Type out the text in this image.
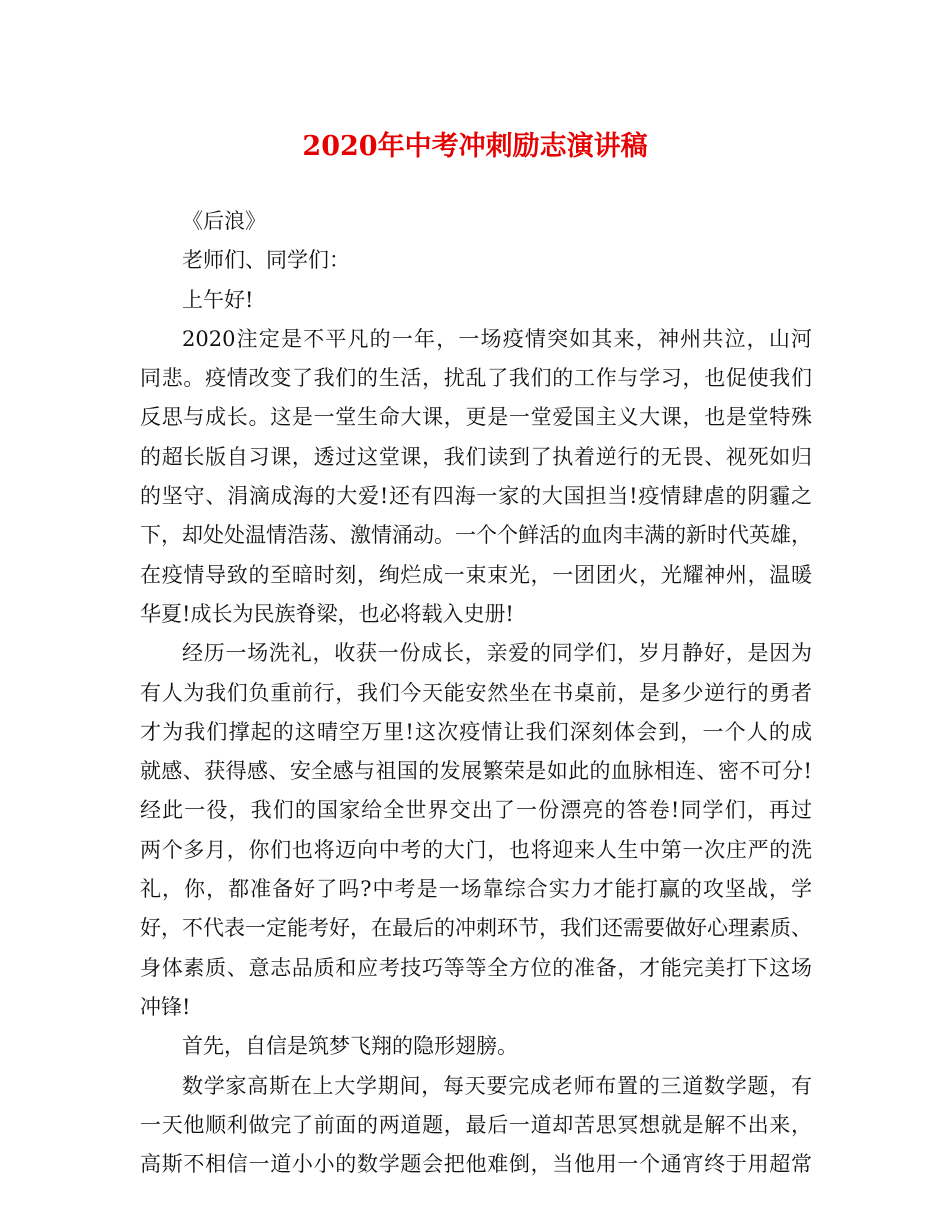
2020年中考冲刺励志演讲稿
《后浪》
老师们、同学们：
上午好!
2020注定是不平凡的一年，一场疫情突如其来，神州共泣，山河
同悲。疫情改变了我们的生活，扰乱了我们的工作与学习，也促使我们
反思与成长。这是一堂生命大课，更是一堂爱国主义大课，也是堂特殊
的超长版自习课，透过这堂课，我们读到了执着逆行的无畏、视死如归
的坚守、涓滴成海的大爱!还有四海一家的大国担当!疫情肆虐的阴霾之
下，却处处温情浩荡、激情涌动。一个个鲜活的血肉丰满的新时代英雄，
在疫情导致的至暗时刻，绚烂成一束束光，一团团火，光耀神州，温暖
华夏!成长为民族脊梁，也必将载入史册!
经历一场洗礼，收获一份成长，亲爱的同学们，岁月静好，是因为
有人为我们负重前行，我们今天能安然坐在书桌前，是多少逆行的勇者
才为我们撑起的这晴空万里!这次疫情让我们深刻体会到，一个人的成
就感、获得感、安全感与祖国的发展繁荣是如此的血脉相连、密不可分!
经此一役，我们的国家给全世界交出了一份漂亮的答卷!同学们，再过
两个多月，你们也将迈向中考的大门，也将迎来人生中第一次庄严的洗
礼，你，都准备好了吗?中考是一场靠综合实力才能打赢的攻坚战，学
好，不代表一定能考好，在最后的冲刺环节，我们还需要做好心理素质、
身体素质、意志品质和应考技巧等等全方位的准备，才能完美打下这场
冲锋!
首先，自信是筑梦飞翔的隐形翅膀。
数学家高斯在上大学期间，每天要完成老师布置的三道数学题，有
一天他顺利做完了前面的两道题，最后一道却苦思冥想就是解不出来，
高斯不相信一道小小的数学题会把他难倒，当他用一个通宵终于用超常
